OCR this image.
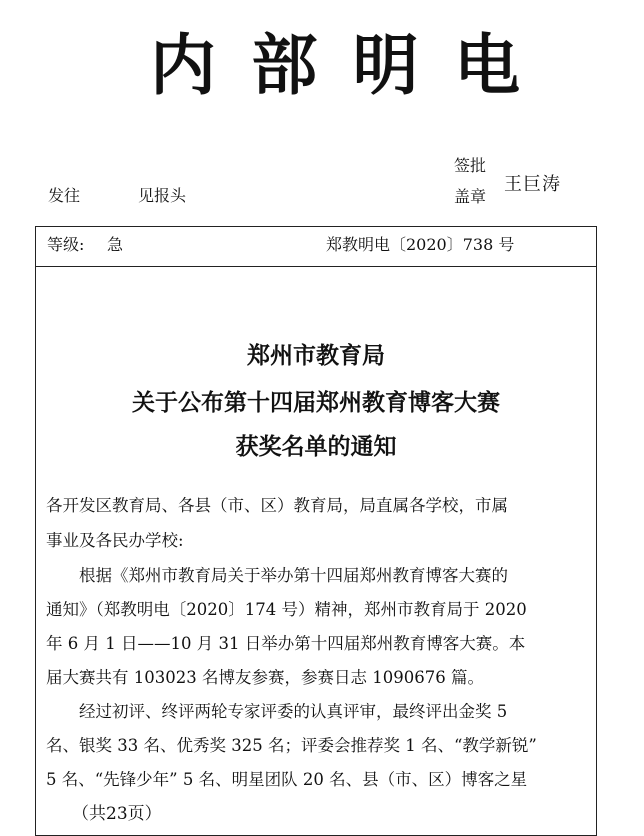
内 部 明 电
发往	见报头
签批
盖章
王巨涛
等级: 急	郑教明电〔2020〕738 号
郑州市教育局
关于公布第十四届郑州教育博客大赛
获奖名单的通知
各开发区教育局、各县（市、区）教育局，局直属各学校，市属
事业及各民办学校:
　　根据《郑州市教育局关于举办第十四届郑州教育博客大赛的
通知》（郑教明电〔2020〕174 号）精神，郑州市教育局于 2020
年 6 月 1 日——10 月 31 日举办第十四届郑州教育博客大赛。本
届大赛共有 103023 名博友参赛，参赛日志 1090676 篇。
　　经过初评、终评两轮专家评委的认真评审，最终评出金奖 5
名、银奖 33 名、优秀奖 325 名；评委会推荐奖 1 名、“教学新锐”
5 名、“先锋少年” 5 名、明星团队 20 名、县（市、区）博客之星
（共23页）
